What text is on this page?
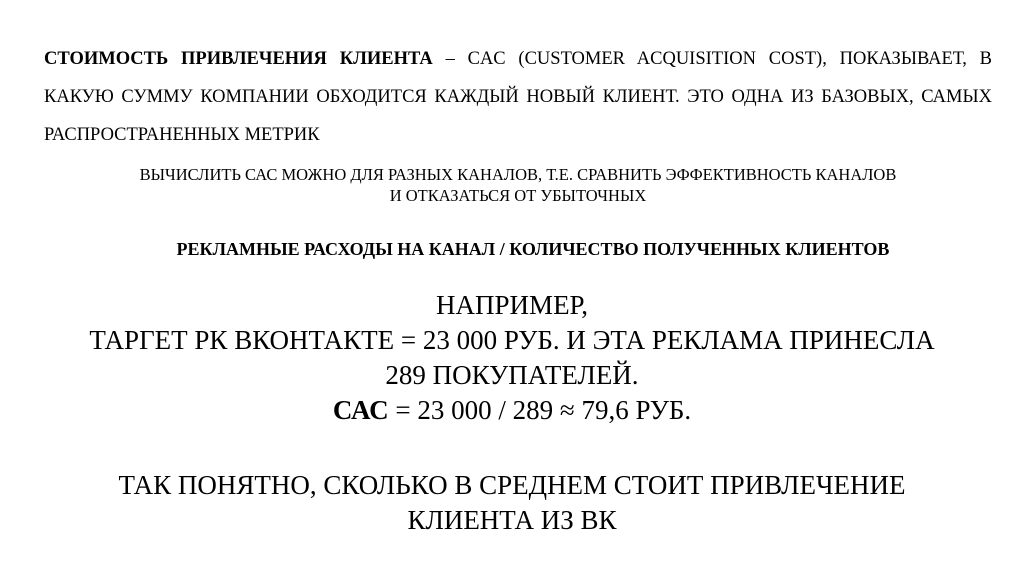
СТОИМОСТЬ ПРИВЛЕЧЕНИЯ КЛИЕНТА – CAC (CUSTOMER ACQUISITION COST), ПОКАЗЫВАЕТ, В КАКУЮ СУММУ КОМПАНИИ ОБХОДИТСЯ КАЖДЫЙ НОВЫЙ КЛИЕНТ. ЭТО ОДНА ИЗ БАЗОВЫХ, САМЫХ РАСПРОСТРАНЕННЫХ МЕТРИК

ВЫЧИСЛИТЬ САС МОЖНО ДЛЯ РАЗНЫХ КАНАЛОВ, Т.Е. СРАВНИТЬ ЭФФЕКТИВНОСТЬ КАНАЛОВ
И ОТКАЗАТЬСЯ ОТ УБЫТОЧНЫХ
РЕКЛАМНЫЕ РАСХОДЫ НА КАНАЛ / КОЛИЧЕСТВО ПОЛУЧЕННЫХ КЛИЕНТОВ
НАПРИМЕР,
ТАРГЕТ РК ВКОНТАКТЕ = 23 000 РУБ. И ЭТА РЕКЛАМА ПРИНЕСЛА
289 ПОКУПАТЕЛЕЙ.
САС = 23 000 / 289 ≈ 79,6 РУБ.
ТАК ПОНЯТНО, СКОЛЬКО В СРЕДНЕМ СТОИТ ПРИВЛЕЧЕНИЕ
КЛИЕНТА ИЗ ВК
